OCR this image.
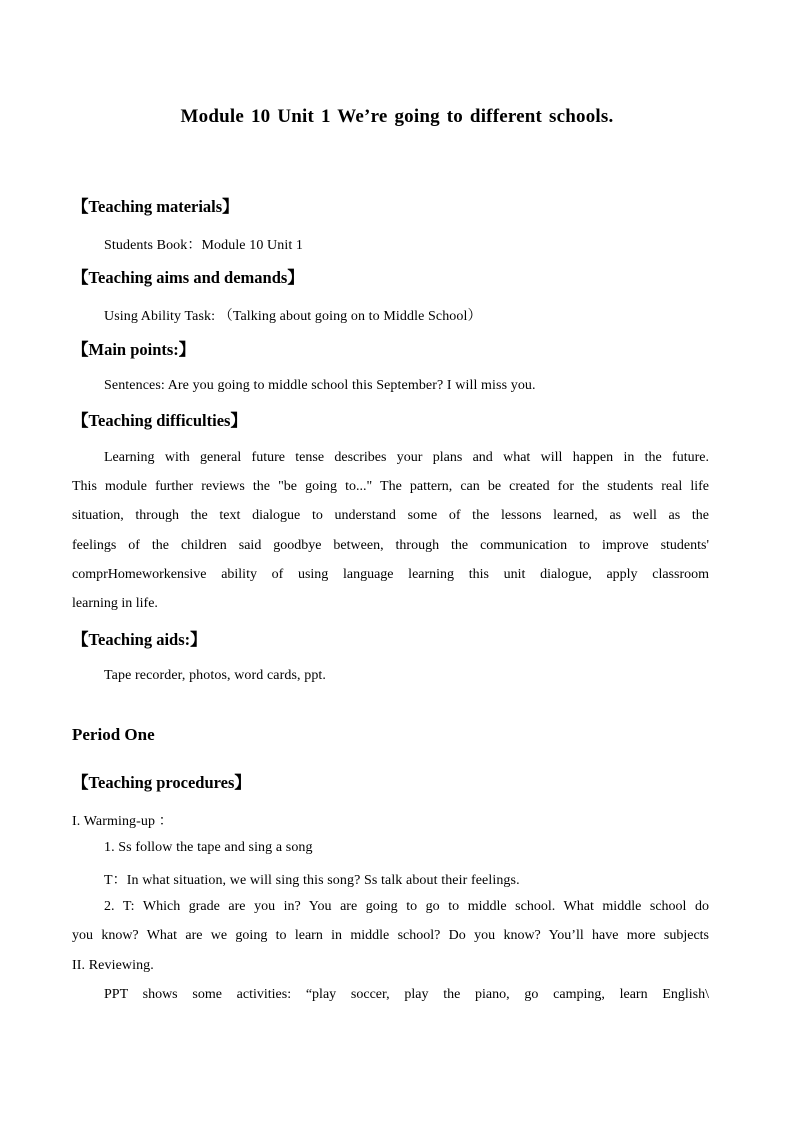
Module 10 Unit 1 We’re going to different schools.
【Teaching materials】
Students Book：Module 10 Unit 1
【Teaching aims and demands】
Using Ability Task: （Talking about going on to Middle School）
【Main points:】
Sentences: Are you going to middle school this September? I will miss you.
【Teaching difficulties】
Learning with general future tense describes your plans and what will happen in the future.
This module further reviews the "be going to..." The pattern, can be created for the students real life
situation, through the text dialogue to understand some of the lessons learned, as well as the
feelings of the children said goodbye between, through the communication to improve students'
comprHomeworkensive ability of using language learning this unit dialogue, apply classroom
learning in life.
【Teaching aids:】
Tape recorder, photos, word cards, ppt.
Period One
【Teaching procedures】
I. Warming-up ：
1. Ss follow the tape and sing a song
T：In what situation, we will sing this song? Ss talk about their feelings.
2. T: Which grade are you in? You are going to go to middle school. What middle school do
you know? What are we going to learn in middle school? Do you know? You’ll have more subjects
II. Reviewing.
PPT shows some activities: “play soccer, play the piano, go camping, learn English\
